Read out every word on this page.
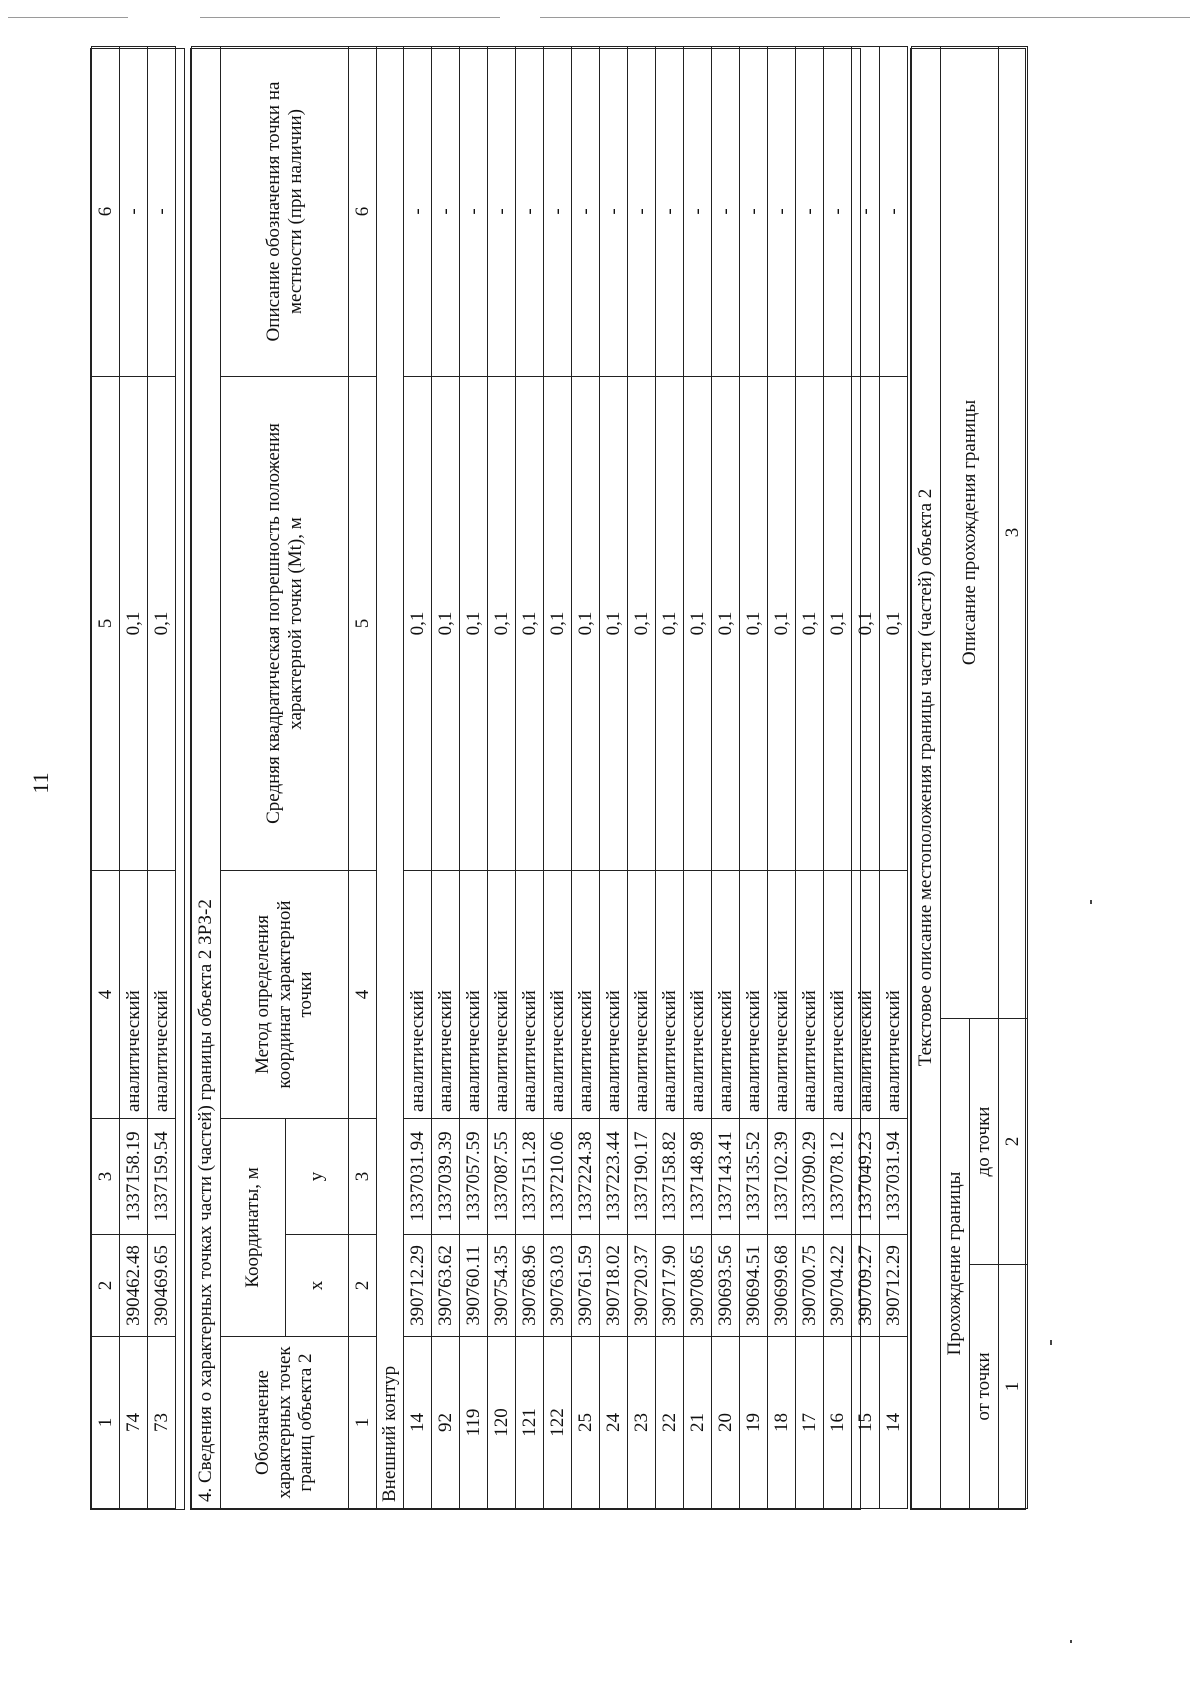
11
1	2	3	4	5	6
74	390462.48	1337158.19	аналитический	0,1	-
73	390469.65	1337159.54	аналитический	0,1	-
4. Сведения о характерных точках части (частей) границы объекта 2 ЗРЗ-2					
Обозначение характерных точек границ объекта 2	Координаты, м		Метод определения координат характерной точки	Средняя квадратическая погрешность положения характерной точки (Mt), м	Описание обозначения точки на местности (при наличии)
	x	у			
1	2	3	4	5	6
Внешний контур					
14	390712.29	1337031.94	аналитический	0,1	-
92	390763.62	1337039.39	аналитический	0,1	-
119	390760.11	1337057.59	аналитический	0,1	-
120	390754.35	1337087.55	аналитический	0,1	-
121	390768.96	1337151.28	аналитический	0,1	-
122	390763.03	1337210.06	аналитический	0,1	-
25	390761.59	1337224.38	аналитический	0,1	-
24	390718.02	1337223.44	аналитический	0,1	-
23	390720.37	1337190.17	аналитический	0,1	-
22	390717.90	1337158.82	аналитический	0,1	-
21	390708.65	1337148.98	аналитический	0,1	-
20	390693.56	1337143.41	аналитический	0,1	-
19	390694.51	1337135.52	аналитический	0,1	-
18	390699.68	1337102.39	аналитический	0,1	-
17	390700.75	1337090.29	аналитический	0,1	-
16	390704.22	1337078.12	аналитический	0,1	-
15	390709.27	1337049.23	аналитический	0,1	-
14	390712.29	1337031.94	аналитический	0,1	-
Текстовое описание местоположения границы части (частей) объекта 2		
Прохождение границы		Описание прохождения границы
от точки	до точки	
1	2	3
